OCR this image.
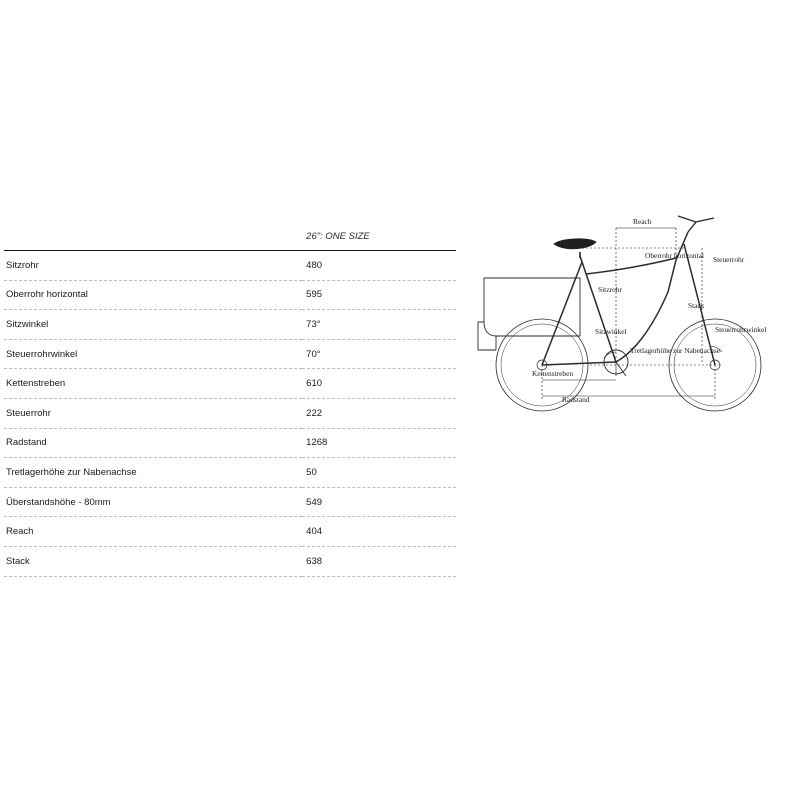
	26": ONE SIZE
Sitzrohr	480
Oberrohr horizontal	595
Sitzwinkel	73°
Steuerrohrwinkel	70°
Kettenstreben	610
Steuerrohr	222
Radstand	1268
Tretlagerhöhe zur Nabenachse	50
Überstandshöhe - 80mm	549
Reach	404
Stack	638
Reach
Oberrohr horizontal Steuerrohr
Sitzrohr
Stack
Sitzwinkel	Steuerrohrwinkel
Tretlagerhöhe zur Nabenachse
Kettenstreben
Radstand
